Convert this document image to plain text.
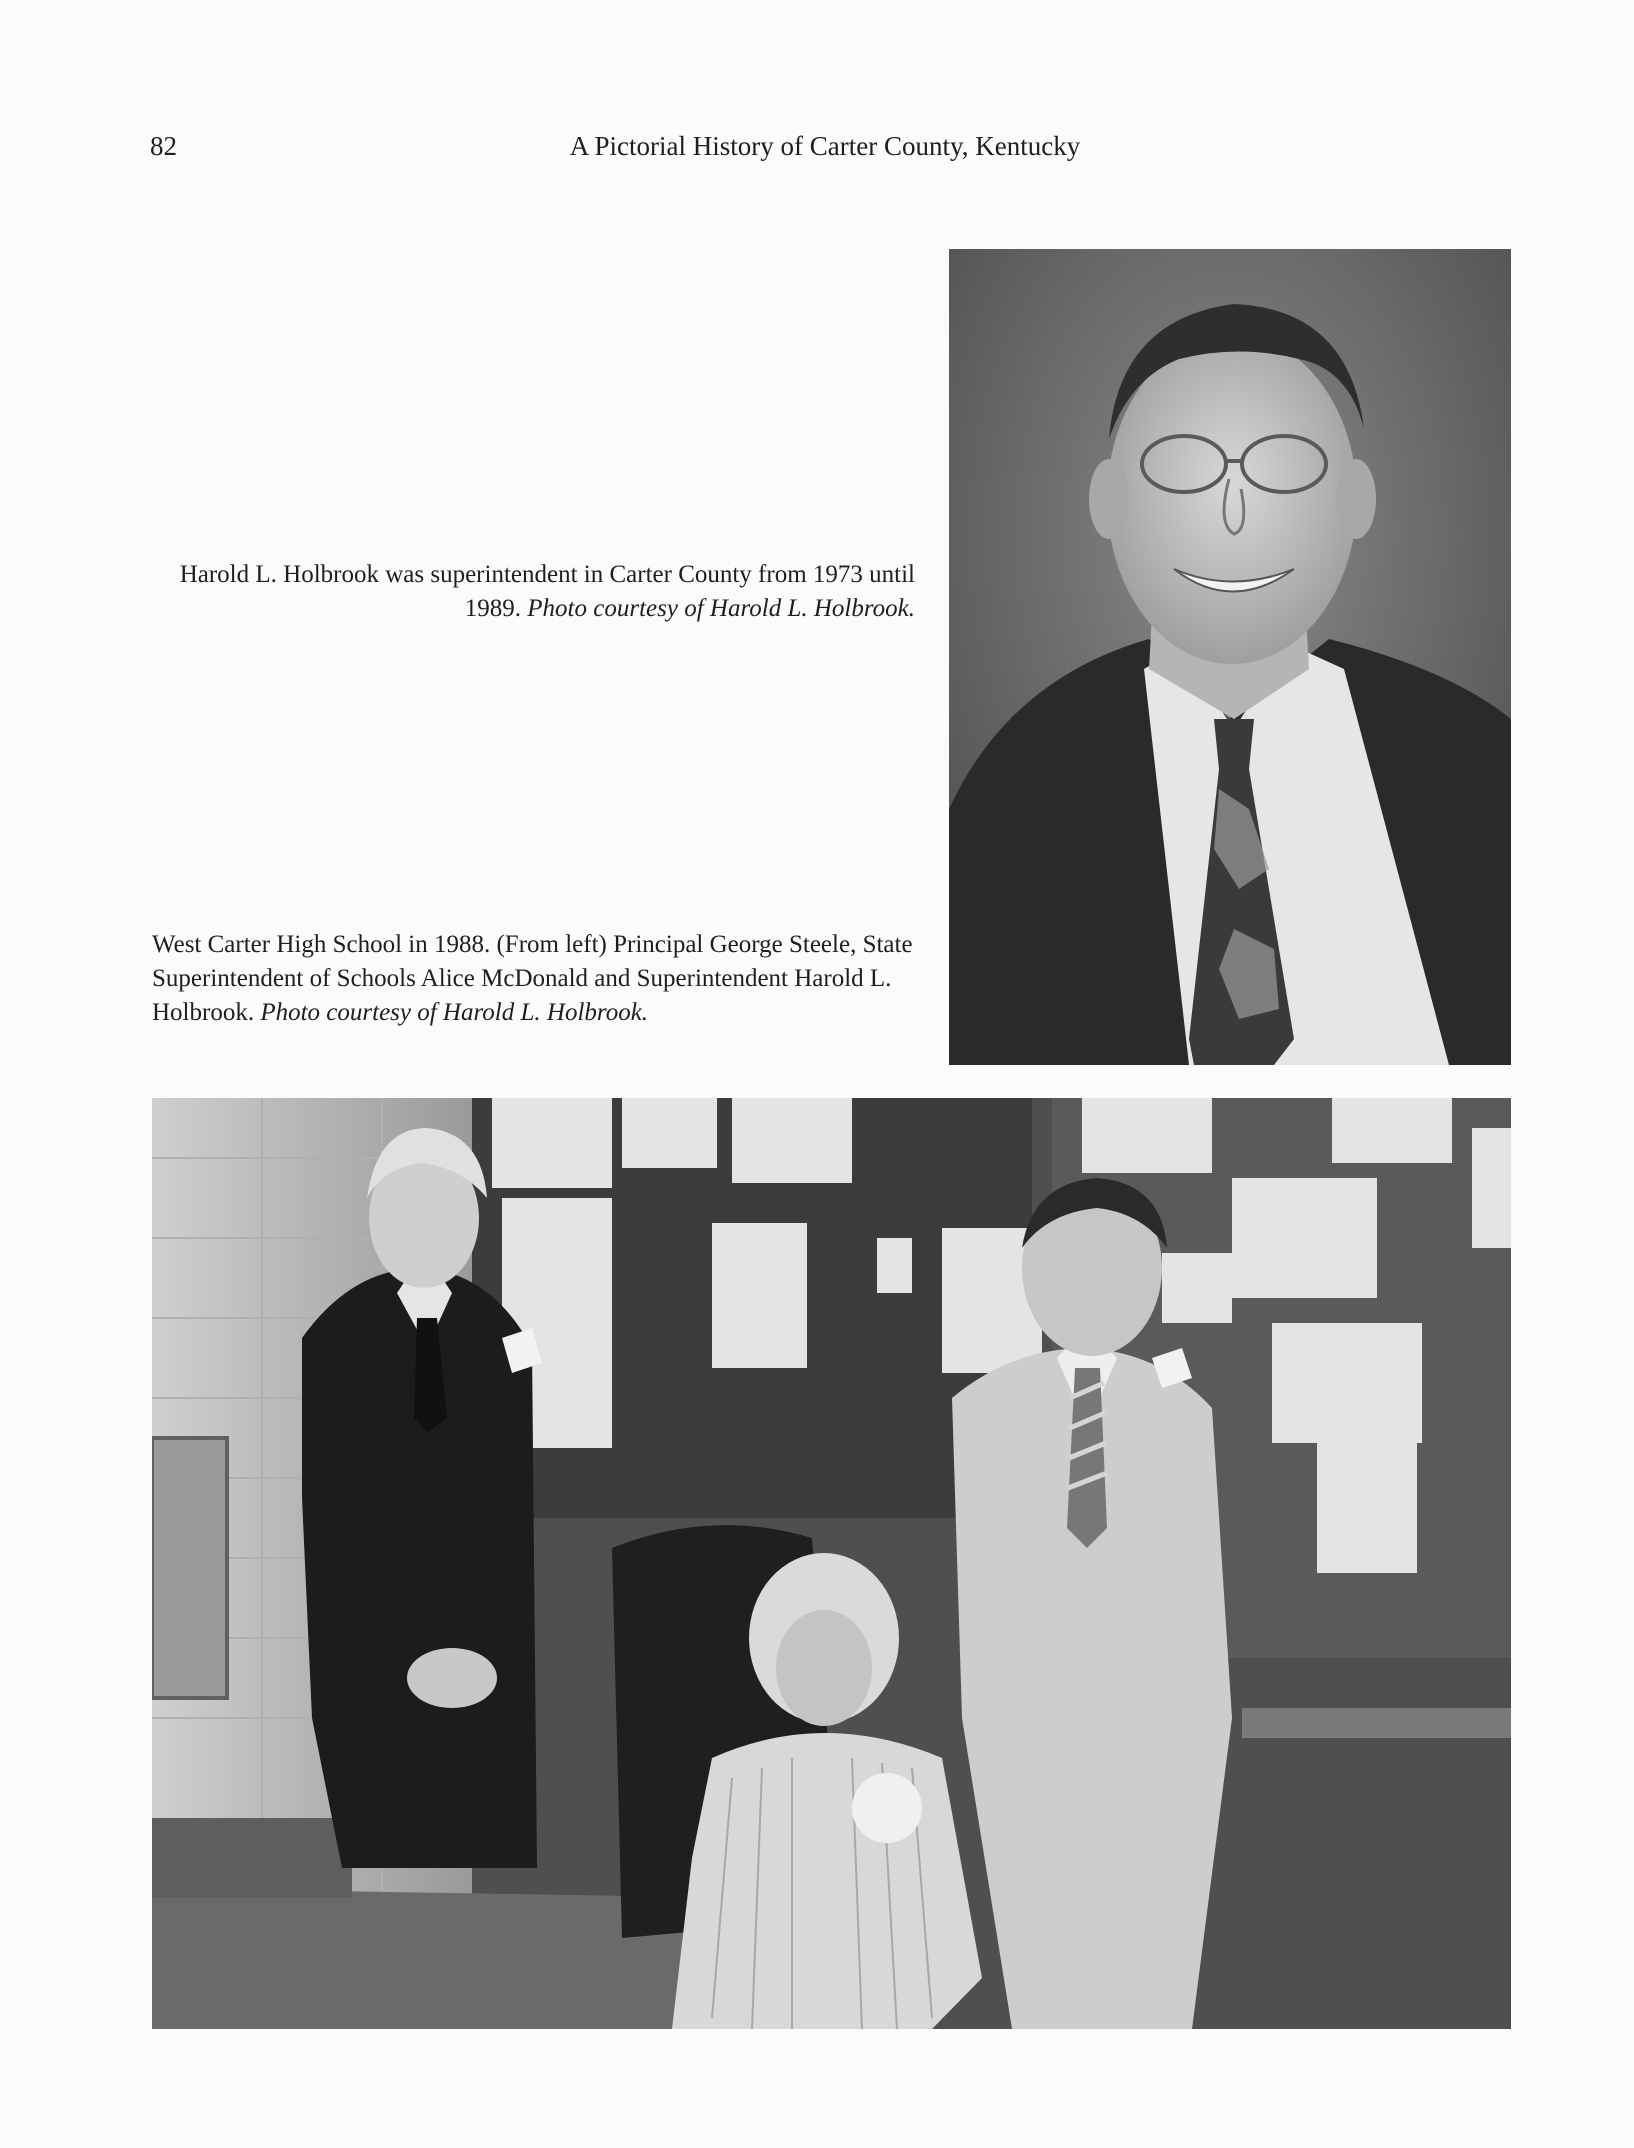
82	A Pictorial History of Carter County, Kentucky

Harold L. Holbrook was superintendent in Carter County from 1973 until 1989. Photo courtesy of Harold L. Holbrook.

West Carter High School in 1988. (From left) Principal George Steele, State Superintendent of Schools Alice McDonald and Superintendent Harold L. Holbrook. Photo courtesy of Harold L. Holbrook.
